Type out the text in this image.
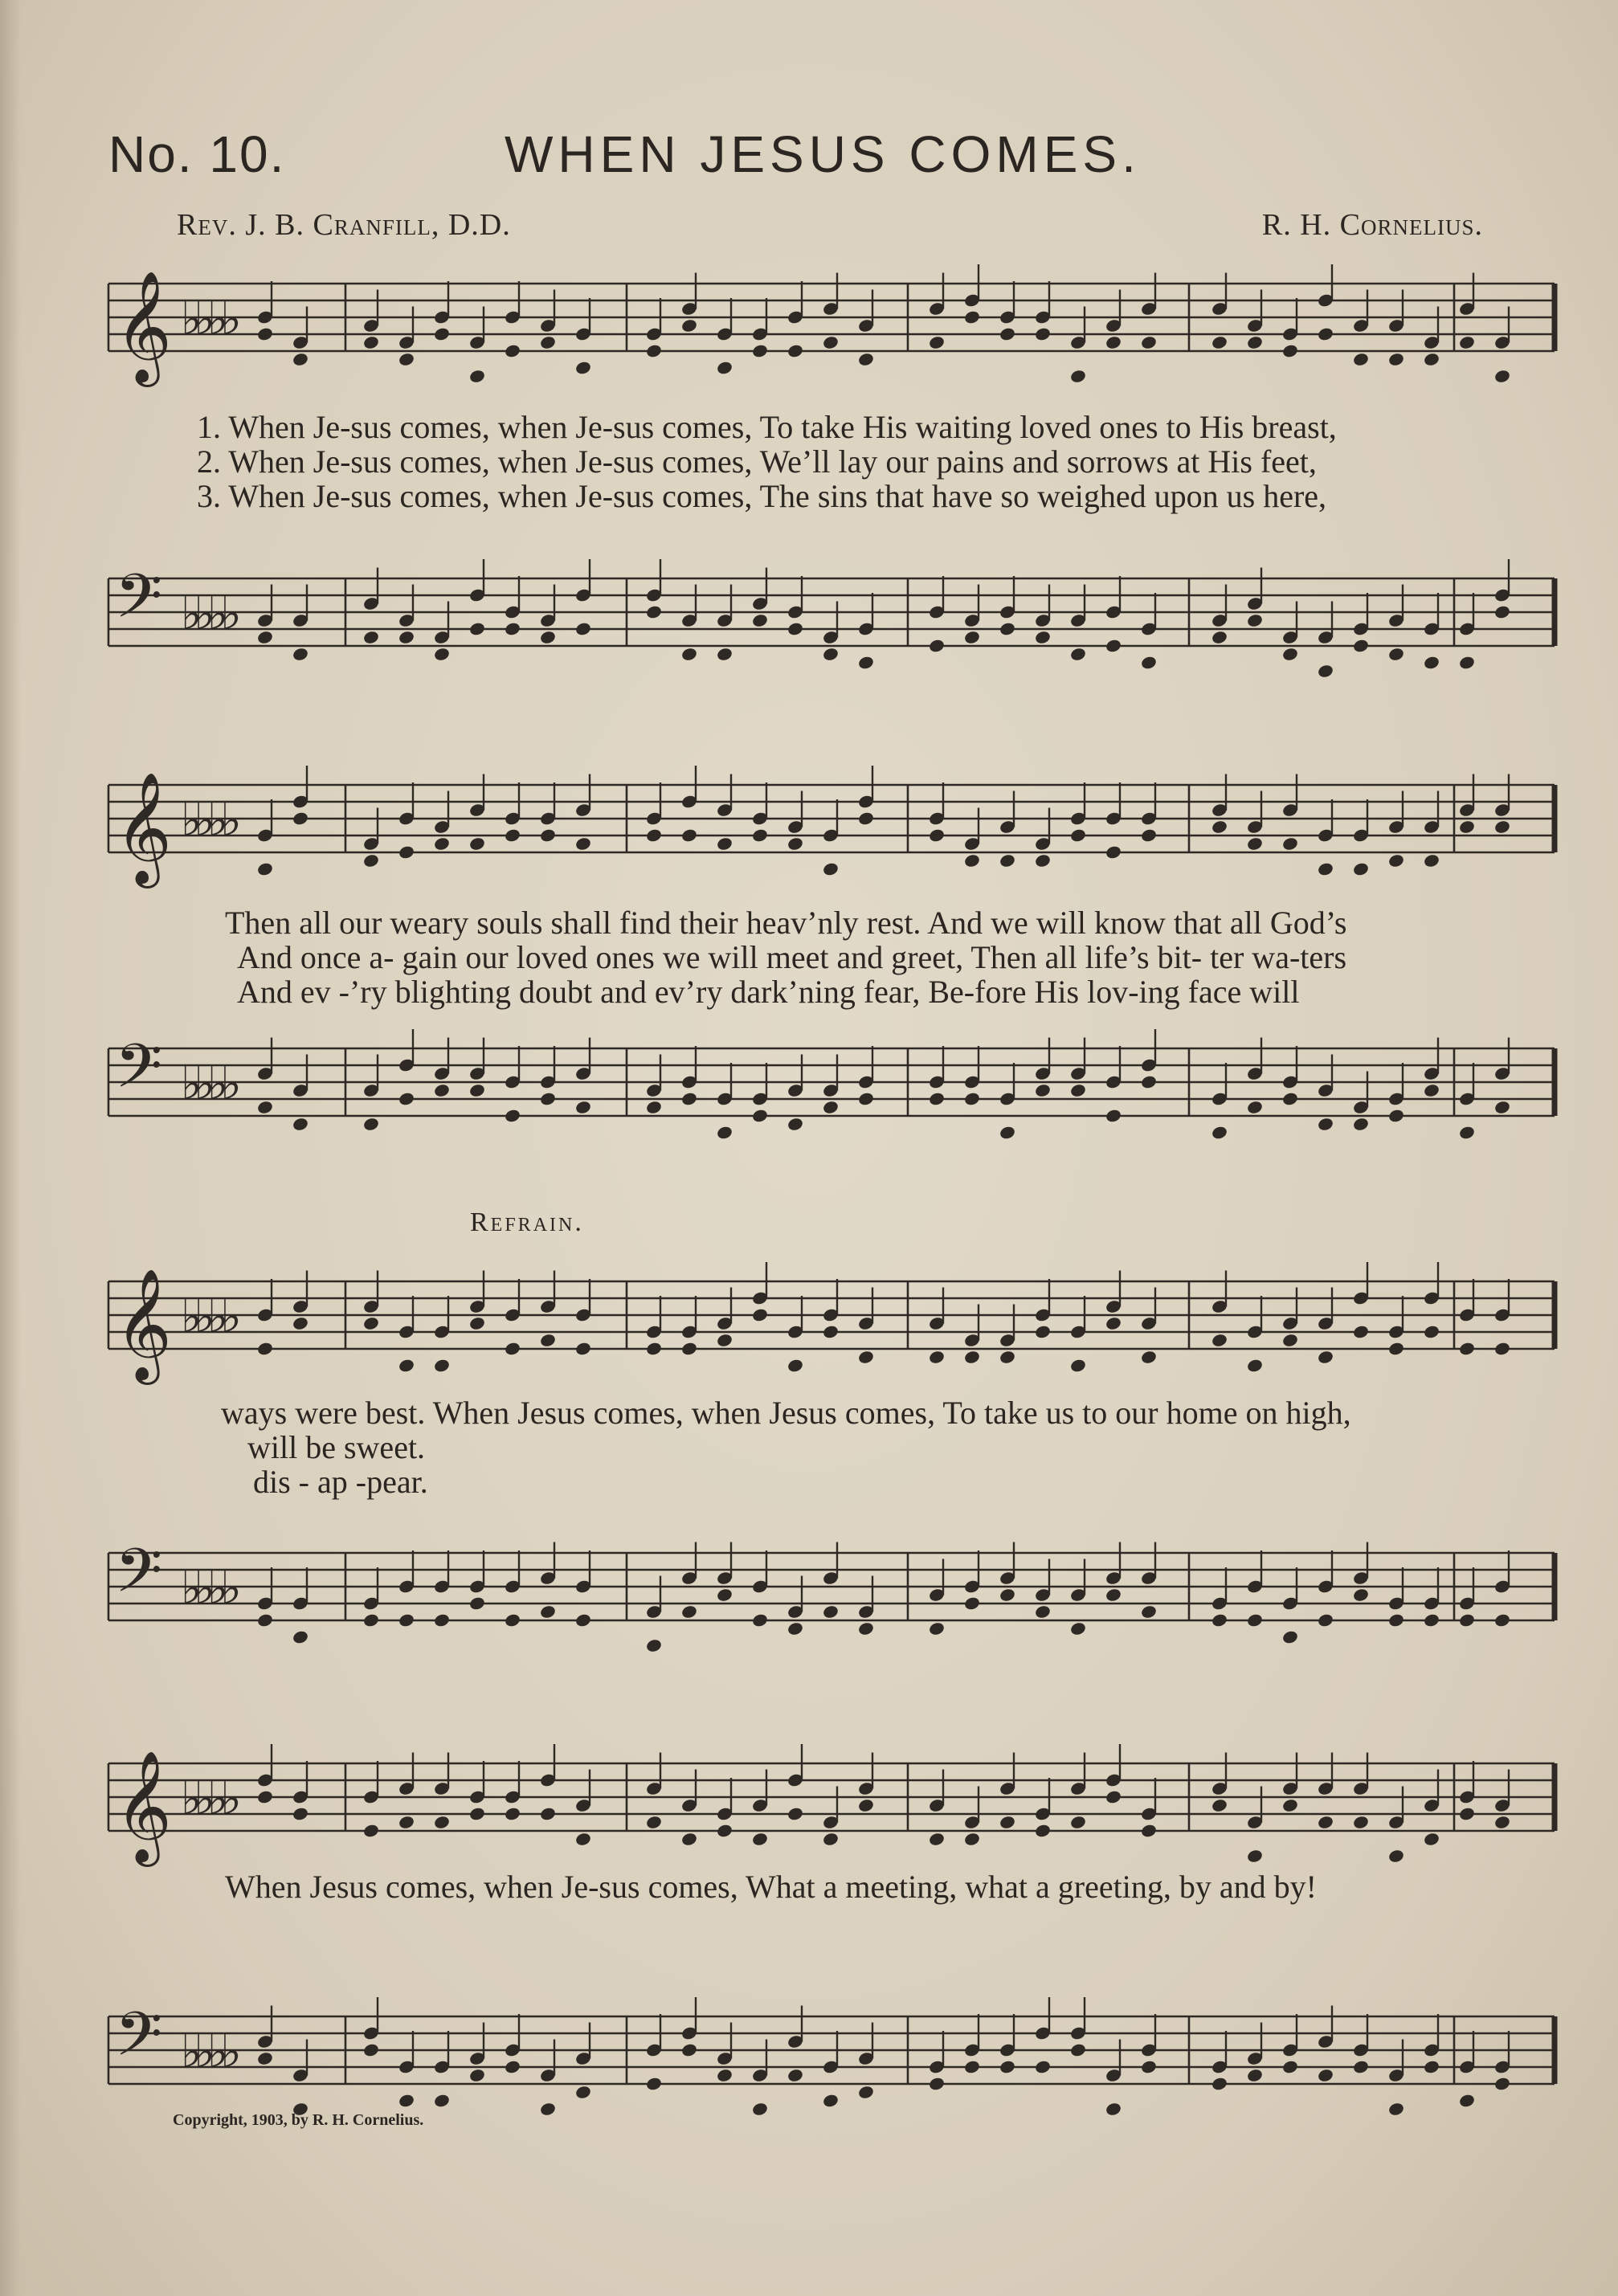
No. 10.	WHEN JESUS COMES.
Rev. J. B. Cranfill, D.D.	R. H. Cornelius.
𝄞 ♭♭♭♭
1. When Je-sus comes, when Je-sus comes, To take His waiting loved ones to His breast,
2. When Je-sus comes, when Je-sus comes, We’ll lay our pains and sorrows at His feet,
3. When Je-sus comes, when Je-sus comes, The sins that have so weighed upon us here,
𝄢 ♭♭♭♭
𝄞 ♭♭♭♭
Then all our weary souls shall find their heav’nly rest. And we will know that all God’s
And once a- gain our loved ones we will meet and greet, Then all life’s bit- ter wa-ters
And ev -’ry blighting doubt and ev’ry dark’ning fear, Be-fore His lov-ing face will
𝄢 ♭♭♭♭
Refrain.
𝄞 ♭♭♭♭
ways were best. When Jesus comes, when Jesus comes, To take us to our home on high,
will be sweet.
dis - ap -pear.
𝄢 ♭♭♭♭
𝄞 ♭♭♭♭
When Jesus comes, when Je-sus comes, What a meeting, what a greeting, by and by!
𝄢 ♭♭♭♭
Copyright, 1903, by R. H. Cornelius.
